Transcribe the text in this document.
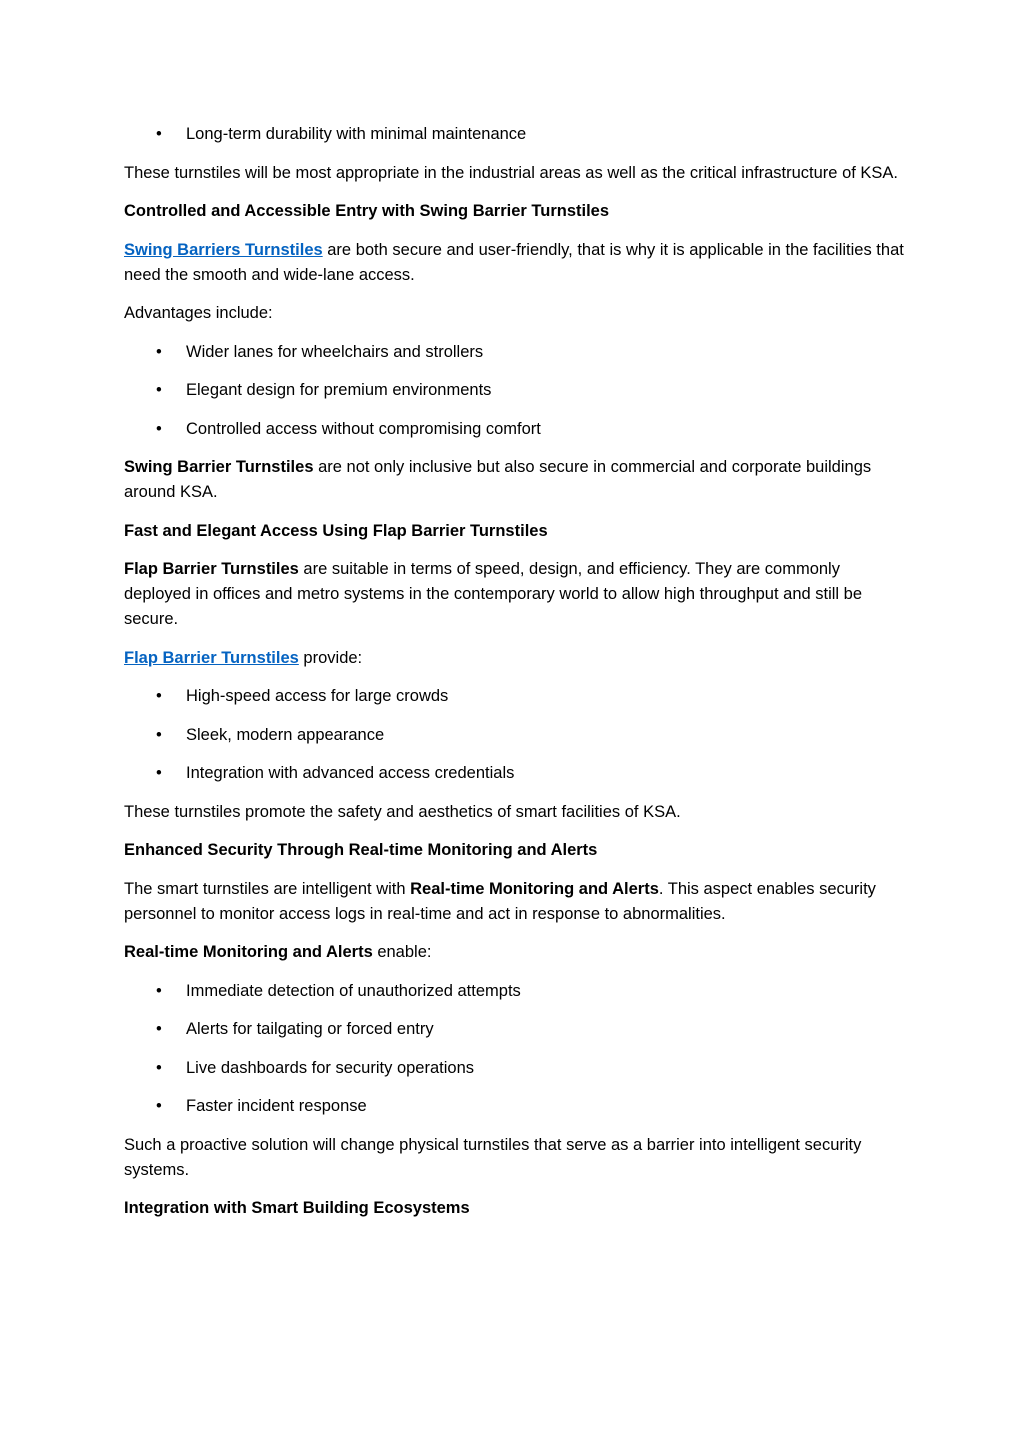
• Long-term durability with minimal maintenance

These turnstiles will be most appropriate in the industrial areas as well as the critical infrastructure of KSA.

Controlled and Accessible Entry with Swing Barrier Turnstiles

Swing Barriers Turnstiles are both secure and user-friendly, that is why it is applicable in the facilities that need the smooth and wide-lane access.

Advantages include:

• Wider lanes for wheelchairs and strollers
• Elegant design for premium environments
• Controlled access without compromising comfort

Swing Barrier Turnstiles are not only inclusive but also secure in commercial and corporate buildings around KSA.

Fast and Elegant Access Using Flap Barrier Turnstiles

Flap Barrier Turnstiles are suitable in terms of speed, design, and efficiency. They are commonly deployed in offices and metro systems in the contemporary world to allow high throughput and still be secure.

Flap Barrier Turnstiles provide:

• High-speed access for large crowds
• Sleek, modern appearance
• Integration with advanced access credentials

These turnstiles promote the safety and aesthetics of smart facilities of KSA.

Enhanced Security Through Real-time Monitoring and Alerts

The smart turnstiles are intelligent with Real-time Monitoring and Alerts. This aspect enables security personnel to monitor access logs in real-time and act in response to abnormalities.

Real-time Monitoring and Alerts enable:

• Immediate detection of unauthorized attempts
• Alerts for tailgating or forced entry
• Live dashboards for security operations
• Faster incident response

Such a proactive solution will change physical turnstiles that serve as a barrier into intelligent security systems.

Integration with Smart Building Ecosystems
